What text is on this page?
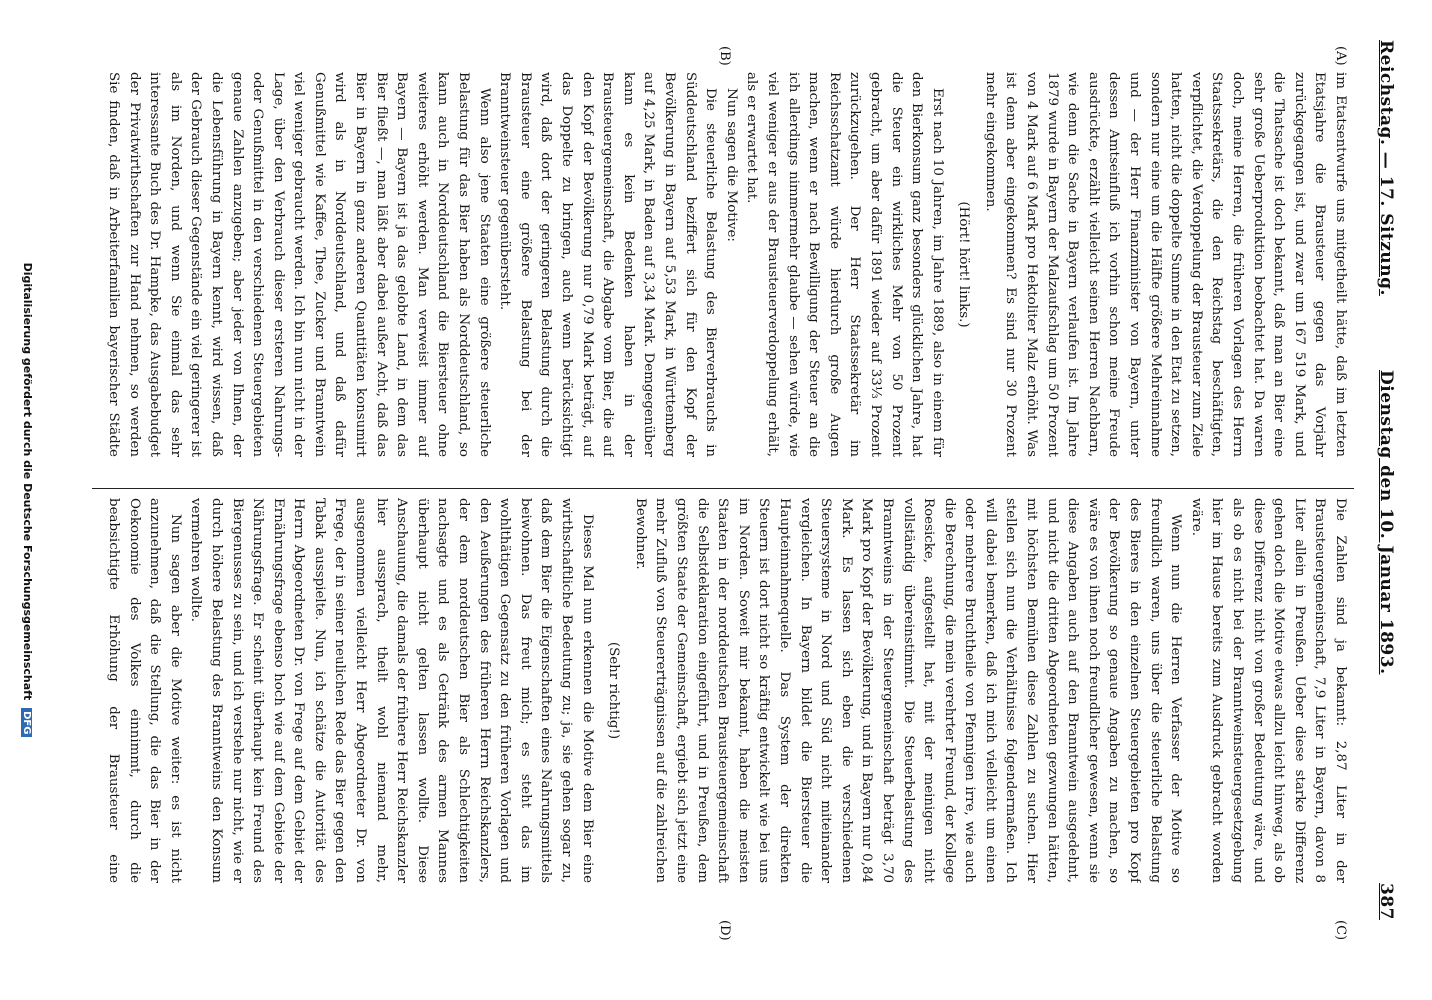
Reichstag. — 17. Sitzung.
Dienstag den 10. Januar 1893.
387

im Etatsentwurfe uns mitgetheilt hätte, daß im letzten Etatsjahre die Brausteuer gegen das Vorjahr zurückgegangen ist, und zwar um 167 519 Mark, und die Thatsache ist doch bekannt, daß man an Bier eine sehr große Ueberproduktion beobachtet hat. Da waren doch, meine Herren, die früheren Vorlagen des Herrn Staatssekretärs, die den Reichstag beschäftigten, verpflichtet, die Verdoppelung der Brausteuer zum Ziele hatten, nicht die doppelte Summe in den Etat zu setzen, sondern nur eine um die Hälfte größere Mehreinnahme und — der Herr Finanzminister von Bayern, unter dessen Amtseinfluß ich vorhin schon meine Freude ausdrückte, erzählt vielleicht seinen Herren Nachbarn, wie denn die Sache in Bayern verlaufen ist. Im Jahre 1879 wurde in Bayern der Malzaufschlag um 50 Prozent von 4 Mark auf 6 Mark pro Hektoliter Malz erhöht. Was ist denn aber eingekommen? Es sind nur 30 Prozent mehr eingekommen.

(Hört! hört! links.)

Erst nach 10 Jahren, im Jahre 1889, also in einem für den Bierkonsum ganz besonders glücklichen Jahre, hat die Steuer ein wirkliches Mehr von 50 Prozent gebracht, um aber dafür 1891 wieder auf 33⅓ Prozent zurückzugehen. Der Herr Staatssekretär im Reichsschatzamt würde hierdurch große Augen machen, wenn er nach Bewilligung der Steuer an die ich allerdings nimmermehr glaube — sehen würde, wie viel weniger er aus der Brausteuerverdoppelung erhält, als er erwartet hat.

Nun sagen die Motive:

Die steuerliche Belastung des Bierverbrauchs in Süddeutschland beziffert sich für den Kopf der Bevölkerung in Bayern auf 5,53 Mark, in Württemberg auf 4,25 Mark, in Baden auf 3,34 Mark. Demgegenüber kann es kein Bedenken haben in der Brausteuergemeinschaft, die Abgabe vom Bier, die auf den Kopf der Bevölkerung nur 0,79 Mark beträgt, auf das Doppelte zu bringen, auch wenn berücksichtigt wird, daß dort der geringeren Belastung durch die Brausteuer eine größere Belastung bei der Branntweinsteuer gegenübersteht.

Wenn also jene Staaten eine größere steuerliche Belastung für das Bier haben als Norddeutschland, so kann auch in Norddeutschland die Biersteuer ohne weiteres erhöht werden. Man verweist immer auf Bayern — Bayern ist ja das gelobte Land, in dem das Bier fließt —, man läßt aber dabei außer Acht, daß das Bier in Bayern in ganz anderen Quantitäten konsumirt wird als in Norddeutschland, und daß dafür Genußmittel wie Kaffee, Thee, Zucker und Branntwein viel weniger gebraucht werden. Ich bin nun nicht in der Lage, über den Verbrauch dieser ersteren Nahrungs- oder Genußmittel in den verschiedenen Steuergebieten genaue Zahlen anzugeben; aber jeder von Ihnen, der die Lebensführung in Bayern kennt, wird wissen, daß der Gebrauch dieser Gegenstände ein viel geringerer ist als im Norden, und wenn Sie einmal das sehr interessante Buch des Dr. Hampke, das Ausgabebudget der Privatwirthschaften zur Hand nehmen, so werden Sie finden, daß in Arbeiterfamilien bayerischer Städte

Die Zahlen sind ja bekannt: 2,87 Liter in der Brausteuergemeinschaft, 7,9 Liter in Bayern, davon 8 Liter allein in Preußen. Ueber diese starke Differenz gehen doch die Motive etwas allzu leicht hinweg, als ob diese Differenz nicht von großer Bedeutung wäre, und als ob es nicht bei der Branntweinsteuergesetzgebung hier im Hause bereits zum Ausdruck gebracht worden wäre.

Wenn nun die Herren Verfasser der Motive so freundlich waren, uns über die steuerliche Belastung des Bieres in den einzelnen Steuergebieten pro Kopf der Bevölkerung so genaue Angaben zu machen, so wäre es von ihnen noch freundlicher gewesen, wenn sie diese Angaben auch auf den Branntwein ausgedehnt, und nicht die dritten Abgeordneten gezwungen hätten, mit höchsten Bemühen diese Zahlen zu suchen. Hier stellen sich nun die Verhältnisse folgendermaßen. Ich will dabei bemerken, daß ich mich vielleicht um einen oder mehrere Bruchtheile von Pfennigen irre, wie auch die Berechnung, die mein verehrter Freund, der Kollege Roesicke, aufgestellt hat, mit der meinigen nicht vollständig übereinstimmt. Die Steuerbelastung des Branntweins in der Steuergemeinschaft beträgt 3,70 Mark pro Kopf der Bevölkerung, und in Bayern nur 0,84 Mark. Es lassen sich eben die verschiedenen Steuersysteme in Nord und Süd nicht miteinander vergleichen. In Bayern bildet die Biersteuer die Haupteinnahmequelle. Das System der direkten Steuern ist dort nicht so kräftig entwickelt wie bei uns im Norden. Soweit mir bekannt, haben die meisten Staaten in der norddeutschen Brausteuergemeinschaft die Selbstdeklaration eingeführt, und in Preußen, dem größten Staate der Gemeinschaft, ergiebt sich jetzt eine mehr Zufluß von Steuererträgnissen auf die zahlreichen Bewohner.

(Sehr richtig!)

Dieses Mal nun erkennen die Motive dem Bier eine wirthschaftliche Bedeutung zu; ja, sie gehen sogar zu, daß dem Bier die Eigenschaften eines Nahrungsmittels beiwohnen. Das freut mich; es steht das im wohlthätigen Gegensatz zu den früheren Vorlagen und den Aeußerungen des früheren Herrn Reichskanzlers, der dem norddeutschen Bier als Schlechtigkeiten nachsagte und es als Getränk des armen Mannes überhaupt nicht gelten lassen wollte. Diese Anschauung, die damals der frühere Herr Reichskanzler hier aussprach, theilt wohl niemand mehr, ausgenommen vielleicht Herr Abgeordneter Dr. von Frege, der in seiner neulichen Rede das Bier gegen den Tabak ausspielte. Nun, ich schätze die Autorität des Herrn Abgeordneten Dr. von Frege auf dem Gebiet der Ernährungsfrage ebenso hoch wie auf dem Gebiete der Nährungsfrage. Er scheint überhaupt kein Freund des Biergenusses zu sein, und ich verstehe nur nicht, wie er durch höhere Belastung des Branntweins den Konsum vermehren wollte.

Nun sagen aber die Motive weiter: es ist nicht anzunehmen, daß die Stellung, die das Bier in der Oekonomie des Volkes einnimmt, durch die beabsichtigte Erhöhung der Brausteuer eine

(A)
(B)
(C)
(D)
Digitalisierung gefördert durch die Deutsche Forschungsgemeinschaft DFG
